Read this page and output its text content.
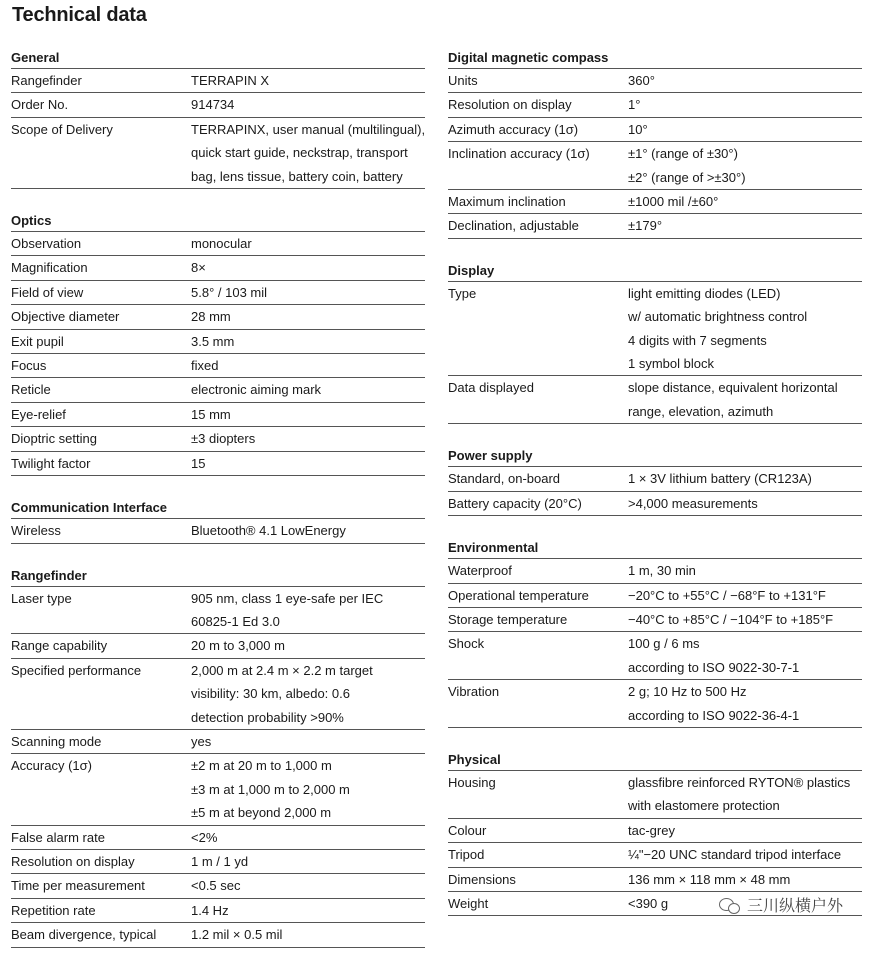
Technical data
General
Rangefinder	TERRAPIN X
Order No.	914734
Scope of Delivery	TERRAPINX, user manual (multilingual),
quick start guide, neckstrap, transport
bag, lens tissue, battery coin, battery
Optics
Observation	monocular
Magnification	8×
Field of view	5.8° / 103 mil
Objective diameter	28 mm
Exit pupil	3.5 mm
Focus	fixed
Reticle	electronic aiming mark
Eye-relief	15 mm
Dioptric setting	±3 diopters
Twilight factor	15
Communication Interface
Wireless	Bluetooth® 4.1 LowEnergy
Rangefinder
Laser type	905 nm, class 1 eye-safe per IEC
60825-1 Ed 3.0
Range capability	20 m to 3,000 m
Specified performance	2,000 m at 2.4 m × 2.2 m target
visibility: 30 km, albedo: 0.6
detection probability >90%
Scanning mode	yes
Accuracy (1σ)	±2 m at 20 m to 1,000 m
±3 m at 1,000 m to 2,000 m
±5 m at beyond 2,000 m
False alarm rate	<2%
Resolution on display	1 m / 1 yd
Time per measurement	<0.5 sec
Repetition rate	1.4 Hz
Beam divergence, typical	1.2 mil × 0.5 mil
Digital magnetic compass
Units	360°
Resolution on display	1°
Azimuth accuracy (1σ)	10°
Inclination accuracy (1σ)	±1° (range of ±30°)
±2° (range of >±30°)
Maximum inclination	±1000 mil /±60°
Declination, adjustable	±179°
Display
Type	light emitting diodes (LED)
w/ automatic brightness control
4 digits with 7 segments
1 symbol block
Data displayed	slope distance, equivalent horizontal
range, elevation, azimuth
Power supply
Standard, on-board	1 × 3V lithium battery (CR123A)
Battery capacity (20°C)	>4,000 measurements
Environmental
Waterproof	1 m, 30 min
Operational temperature	−20°C to +55°C / −68°F to +131°F
Storage temperature	−40°C to +85°C / −104°F to +185°F
Shock	100 g / 6 ms
according to ISO 9022-30-7-1
Vibration	2 g; 10 Hz to 500 Hz
according to ISO 9022-36-4-1
Physical
Housing	glassfibre reinforced RYTON® plastics
with elastomere protection
Colour	tac-grey
Tripod	¼"−20 UNC standard tripod interface
Dimensions	136 mm × 118 mm × 48 mm
Weight	<390 g	三川纵横户外
